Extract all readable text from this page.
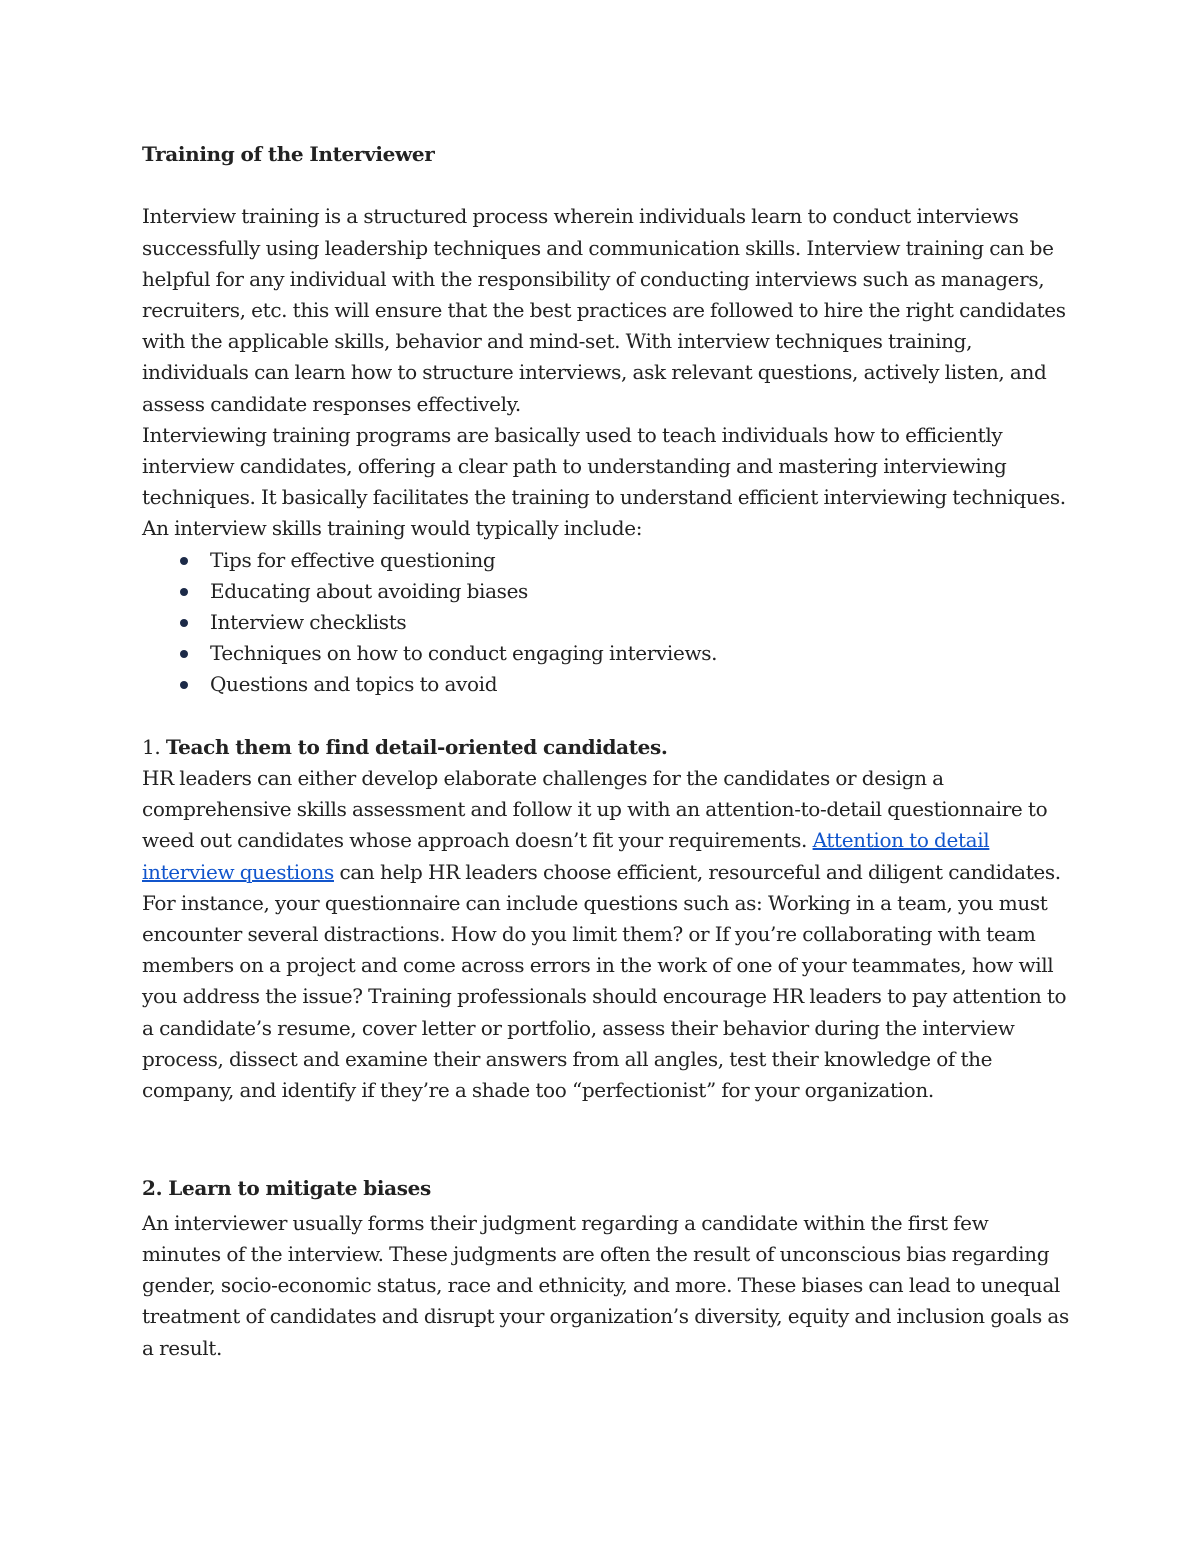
Training of the Interviewer

Interview training is a structured process wherein individuals learn to conduct interviews successfully using leadership techniques and communication skills. Interview training can be helpful for any individual with the responsibility of conducting interviews such as managers, recruiters, etc. this will ensure that the best practices are followed to hire the right candidates with the applicable skills, behavior and mind-set. With interview techniques training, individuals can learn how to structure interviews, ask relevant questions, actively listen, and assess candidate responses effectively.

Interviewing training programs are basically used to teach individuals how to efficiently interview candidates, offering a clear path to understanding and mastering interviewing techniques. It basically facilitates the training to understand efficient interviewing techniques. An interview skills training would typically include:

Tips for effective questioning
Educating about avoiding biases
Interview checklists
Techniques on how to conduct engaging interviews.
Questions and topics to avoid

1. Teach them to find detail-oriented candidates.

HR leaders can either develop elaborate challenges for the candidates or design a comprehensive skills assessment and follow it up with an attention-to-detail questionnaire to weed out candidates whose approach doesn’t fit your requirements. Attention to detail interview questions can help HR leaders choose efficient, resourceful and diligent candidates. For instance, your questionnaire can include questions such as: Working in a team, you must encounter several distractions. How do you limit them? or If you’re collaborating with team members on a project and come across errors in the work of one of your teammates, how will you address the issue? Training professionals should encourage HR leaders to pay attention to a candidate’s resume, cover letter or portfolio, assess their behavior during the interview process, dissect and examine their answers from all angles, test their knowledge of the company, and identify if they’re a shade too “perfectionist” for your organization.

2. Learn to mitigate biases

An interviewer usually forms their judgment regarding a candidate within the first few minutes of the interview. These judgments are often the result of unconscious bias regarding gender, socio-economic status, race and ethnicity, and more. These biases can lead to unequal treatment of candidates and disrupt your organization’s diversity, equity and inclusion goals as a result.
